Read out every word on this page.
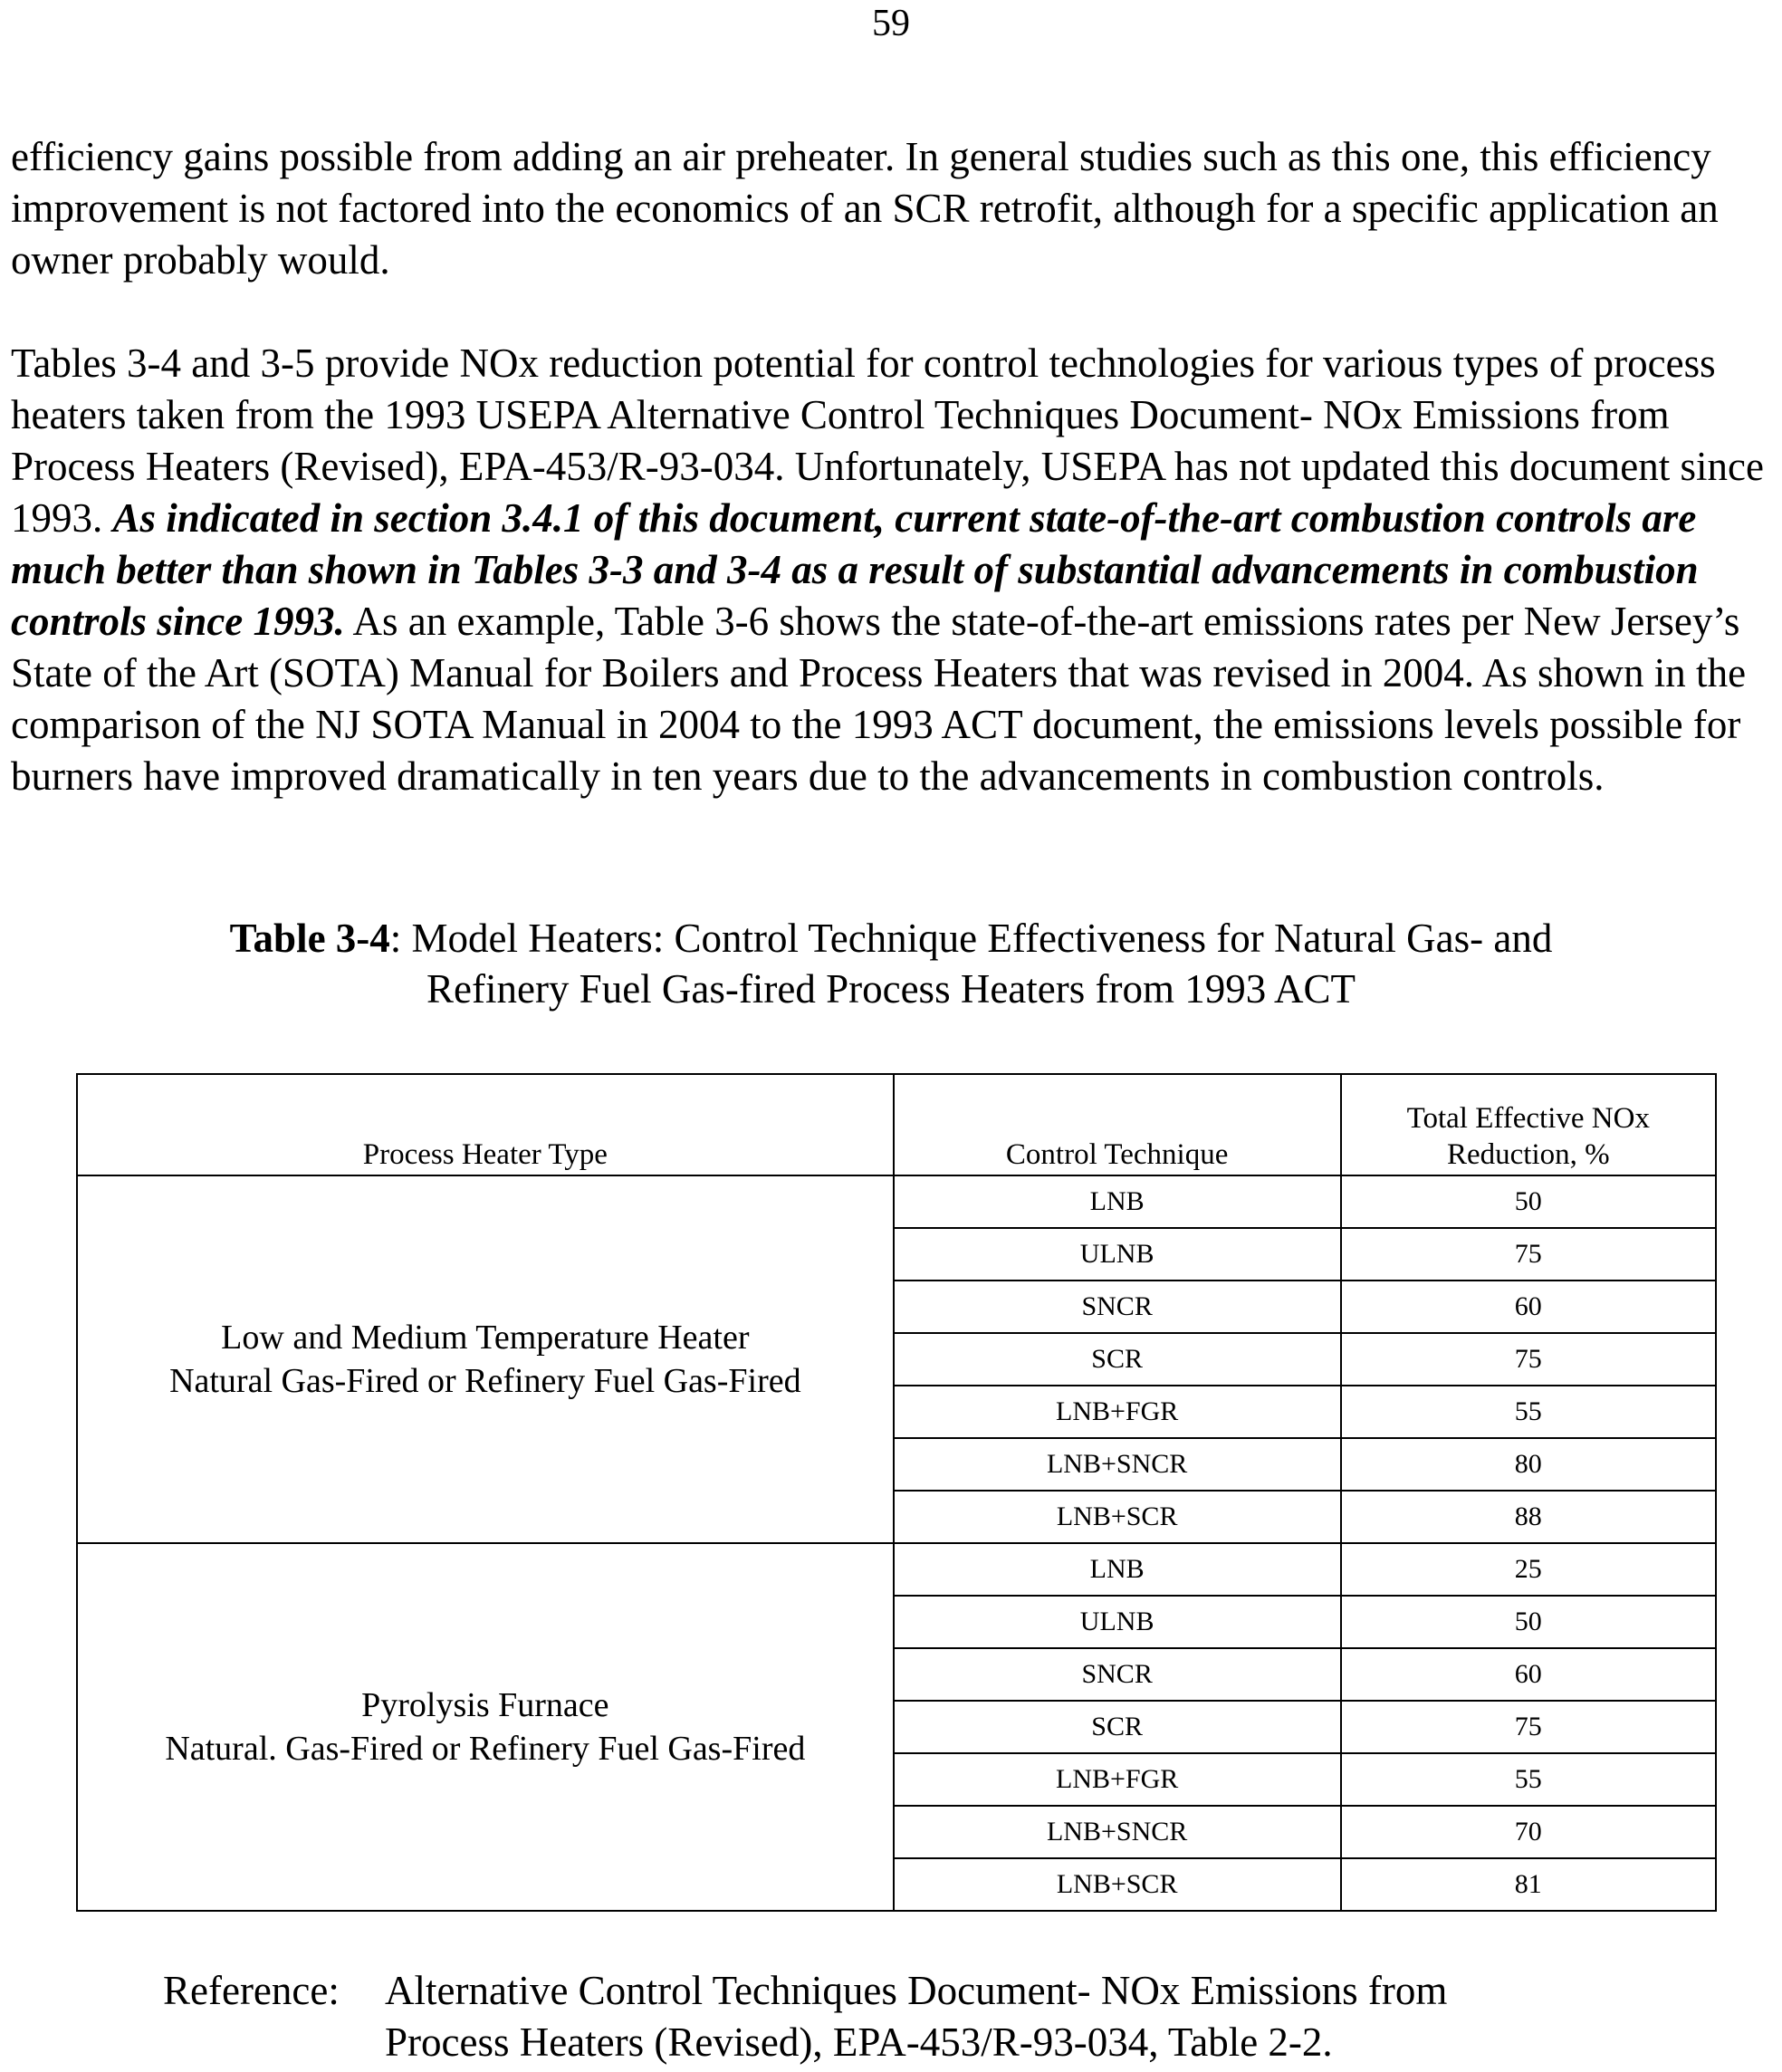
59

efficiency gains possible from adding an air preheater. In general studies such as this one, this efficiency improvement is not factored into the economics of an SCR retrofit, although for a specific application an owner probably would.

Tables 3-4 and 3-5 provide NOx reduction potential for control technologies for various types of process heaters taken from the 1993 USEPA Alternative Control Techniques Document- NOx Emissions from Process Heaters (Revised), EPA-453/R-93-034. Unfortunately, USEPA has not updated this document since 1993. As indicated in section 3.4.1 of this document, current state-of-the-art combustion controls are much better than shown in Tables 3-3 and 3-4 as a result of substantial advancements in combustion controls since 1993. As an example, Table 3-6 shows the state-of-the-art emissions rates per New Jersey’s State of the Art (SOTA) Manual for Boilers and Process Heaters that was revised in 2004. As shown in the comparison of the NJ SOTA Manual in 2004 to the 1993 ACT document, the emissions levels possible for burners have improved dramatically in ten years due to the advancements in combustion controls.

Table 3-4: Model Heaters: Control Technique Effectiveness for Natural Gas- and
Refinery Fuel Gas-fired Process Heaters from 1993 ACT
Process Heater Type	Control Technique	Total Effective NOx
Reduction, %
Low and Medium Temperature Heater
Natural Gas-Fired or Refinery Fuel Gas-Fired	LNB	50
	ULNB	75
	SNCR	60
	SCR	75
	LNB+FGR	55
	LNB+SNCR	80
	LNB+SCR	88
Pyrolysis Furnace
Natural. Gas-Fired or Refinery Fuel Gas-Fired	LNB	25
	ULNB	50
	SNCR	60
	SCR	75
	LNB+FGR	55
	LNB+SNCR	70
	LNB+SCR	81
Reference: Alternative Control Techniques Document- NOx Emissions from
Process Heaters (Revised), EPA-453/R-93-034, Table 2-2.
